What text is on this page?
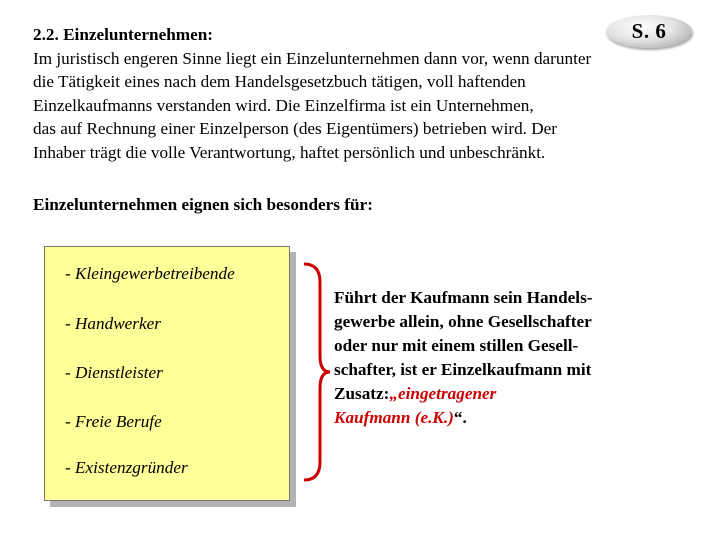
S. 6
2.2. Einzelunternehmen:
Im juristisch engeren Sinne liegt ein Einzelunternehmen dann vor, wenn darunter
die Tätigkeit eines nach dem Handelsgesetzbuch tätigen, voll haftenden
Einzelkaufmanns verstanden wird. Die Einzelfirma ist ein Unternehmen,
das auf Rechnung einer Einzelperson (des Eigentümers) betrieben wird. Der
Inhaber trägt die volle Verantwortung, haftet persönlich und unbeschränkt.
Einzelunternehmen eignen sich besonders für:
- Kleingewerbetreibende
- Handwerker
- Dienstleister
- Freie Berufe
- Existenzgründer
Führt der Kaufmann sein Handels-
gewerbe allein, ohne Gesellschafter
oder nur mit einem stillen Gesell-
schafter, ist er Einzelkaufmann mit
Zusatz:„eingetragener
Kaufmann (e.K.)“.
